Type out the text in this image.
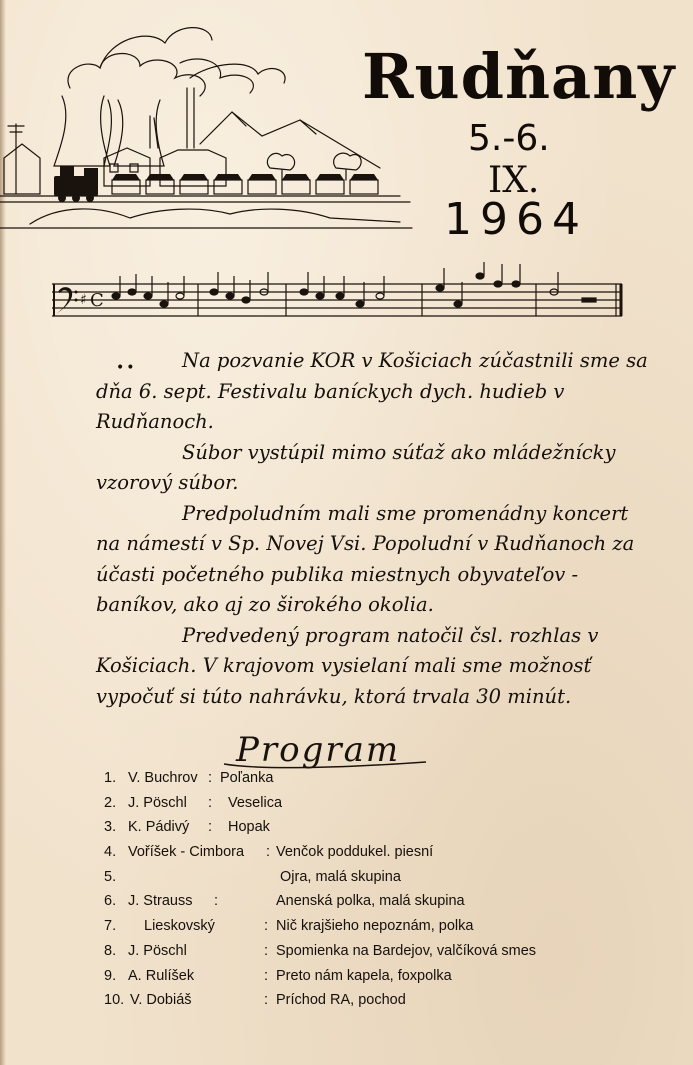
Rudňany
5.-6.
IX.
1964
♯ C
••	Na pozvanie KOR v Košiciach zúčastnili sme sa dňa 6. sept. Festivalu baníckych dych. hudieb v Rudňanoch.

Súbor vystúpil mimo súťaž ako mládežnícky vzorový súbor.

Predpoludním mali sme promenádny koncert na námestí v Sp. Novej Vsi. Popoludní v Rudňanoch za účasti početného publika miestnych obyvateľov - baníkov, ako aj zo širokého okolia.

Predvedený program natočil čsl. rozhlas v Košiciach. V krajovom vysielaní mali sme možnosť vypočuť si túto nahrávku, ktorá trvala 30 minút.

Program
1. V. Buchrov : Poľanka
2. J. Pöschl : Veselica
3. K. Pádivý : Hopak
4. Voříšek - Cimbora : Venčok poddukel. piesní
5.	Ojra, malá skupina
6. J. Strauss :	Anenská polka, malá skupina
7. Lieskovský	: Nič krajšieho nepoznám, polka
8. J. Pöschl	: Spomienka na Bardejov, valčíková smes
9. A. Rulíšek	: Preto nám kapela, foxpolka
10. V. Dobiáš	: Príchod RA, pochod
